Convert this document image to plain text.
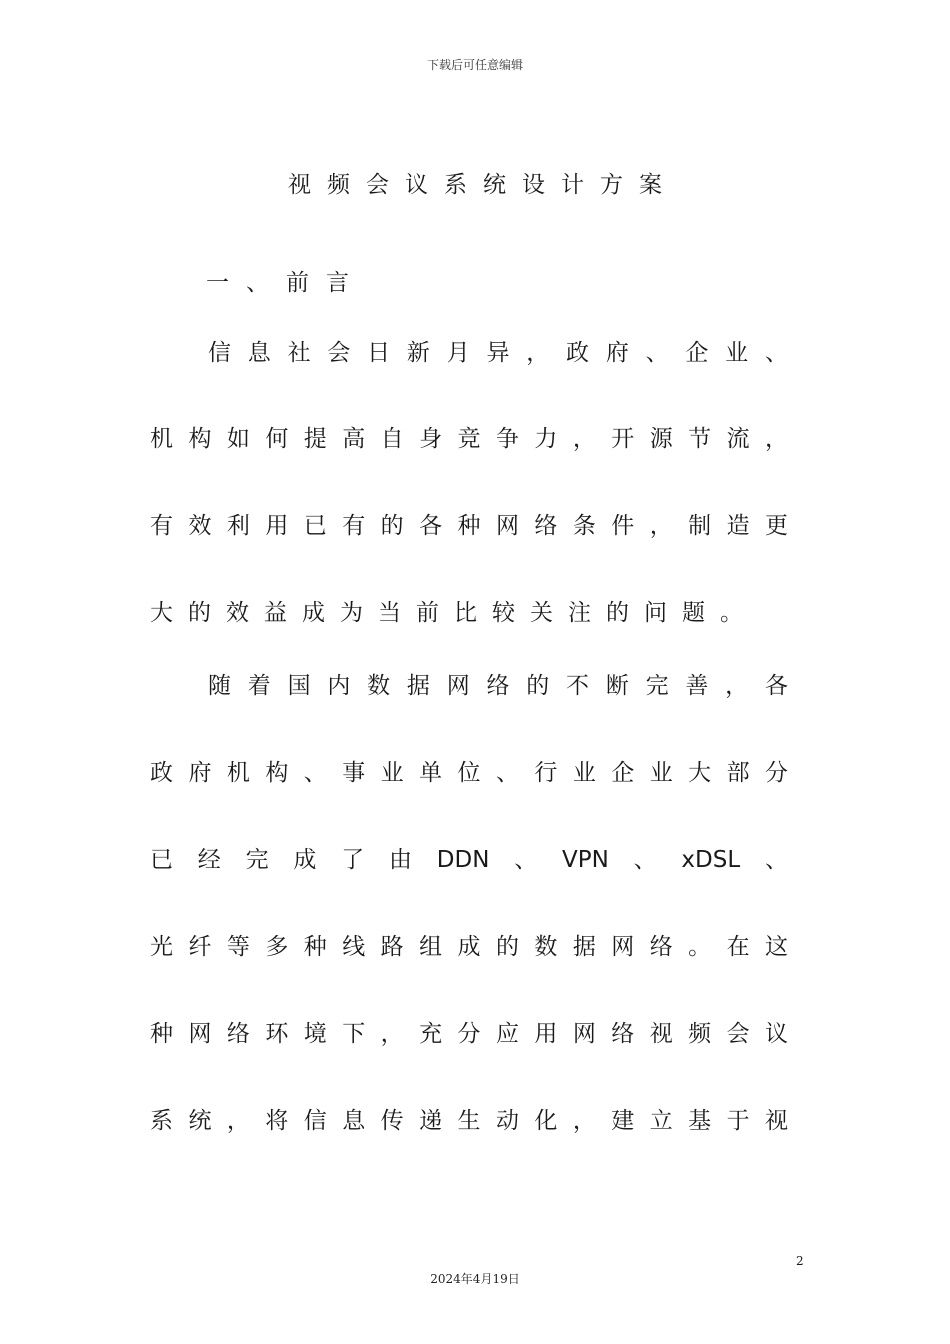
下载后可任意编辑
视频会议系统设计方案
一、前言
信 息 社 会 日 新 月 异 ， 政 府 、 企 业 、
机 构 如 何 提 高 自 身 竞 争 力 ， 开 源 节 流 ，
有 效 利 用 已 有 的 各 种 网 络 条 件 ， 制 造 更
大的效益成为当前比较关注的问题。
随 着 国 内 数 据 网 络 的 不 断 完 善 ， 各
政 府 机 构 、 事 业 单 位 、 行 业 企 业 大 部 分
已 经 完 成 了 由 DDN 、 VPN 、 xDSL 、
光 纤 等 多 种 线 路 组 成 的 数 据 网 络 。 在 这
种 网 络 环 境 下 ， 充 分 应 用 网 络 视 频 会 议
系 统 ， 将 信 息 传 递 生 动 化 ， 建 立 基 于 视
2
2024年4月19日
